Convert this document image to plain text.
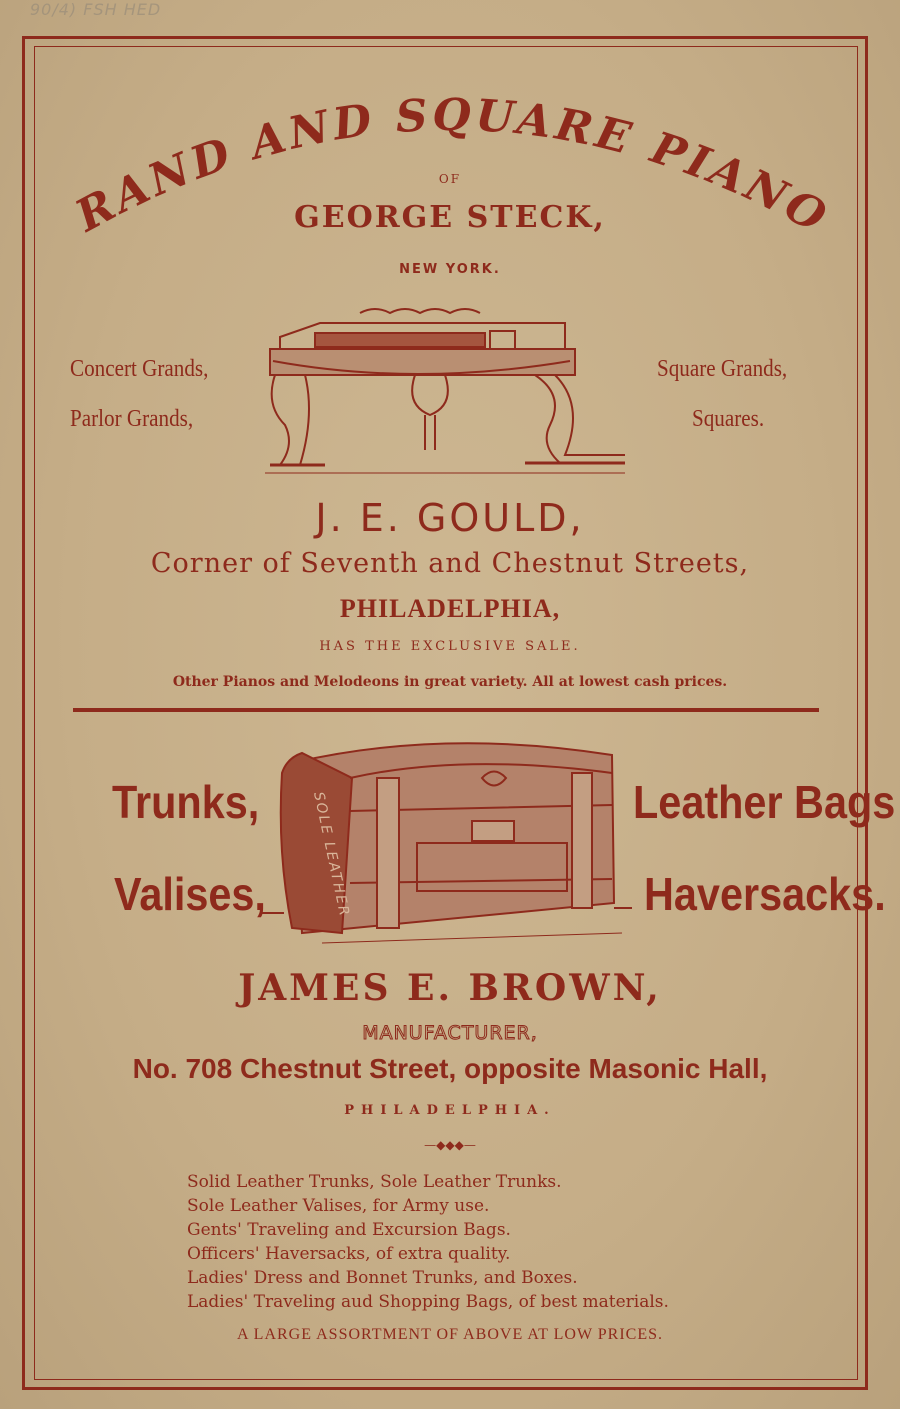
90/4) FSH HED
RAND AND SQUARE PIANO
OF
GEORGE STECK,
NEW YORK.
Concert Grands,
Parlor Grands,
Square Grands,
Squares.
J. E. GOULD,
Corner of Seventh and Chestnut Streets,
PHILADELPHIA,
HAS THE EXCLUSIVE SALE.
Other Pianos and Melodeons in great variety. All at lowest cash prices.
Trunks,
Valises,
Leather Bags
Haversacks.
SOLE LEATHER
JAMES E. BROWN,
MANUFACTURER,
No. 708 Chestnut Street, opposite Masonic Hall,
PHILADELPHIA.
—◆◆◆—
Solid Leather Trunks, Sole Leather Trunks.
Sole Leather Valises, for Army use.
Gents' Traveling and Excursion Bags.
Officers' Haversacks, of extra quality.
Ladies' Dress and Bonnet Trunks, and Boxes.
Ladies' Traveling aud Shopping Bags, of best materials.
A LARGE ASSORTMENT OF ABOVE AT LOW PRICES.
